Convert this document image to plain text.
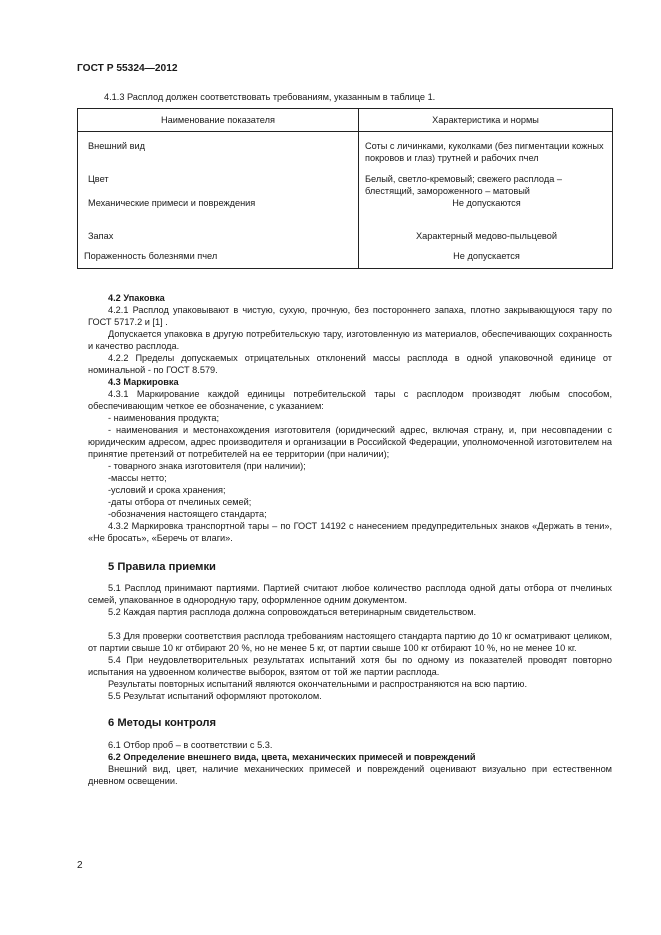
ГОСТ Р 55324—2012
4.1.3 Расплод должен соответствовать требованиям, указанным в таблице 1.
Наименование показателя	Характеристика и нормы
Внешний вид	Соты с личинками, куколками (без пигментации кожных покровов и глаз) трутней и рабочих пчел
Цвет	Белый, светло-кремовый; свежего расплода – блестящий, замороженного – матовый
Механические примеси и повреждения	Не допускаются
Запах	Характерный медово-пыльцевой
Пораженность болезнями пчел	Не допускается

4.2 Упаковка

4.2.1 Расплод упаковывают в чистую, сухую, прочную, без постороннего запаха, плотно закрывающуюся тару по ГОСТ 5717.2 и [1] .

Допускается упаковка в другую потребительскую тару, изготовленную из материалов, обеспечивающих сохранность и качество расплода.

4.2.2 Пределы допускаемых отрицательных отклонений массы расплода в одной упаковочной единице от номинальной - по ГОСТ 8.579.

4.3 Маркировка

4.3.1 Маркирование каждой единицы потребительской тары с расплодом производят любым способом, обеспечивающим четкое ее обозначение, с указанием:

- наименования продукта;

- наименования и местонахождения изготовителя (юридический адрес, включая страну, и, при несовпадении с юридическим адресом, адрес производителя и организации в Российской Федерации, уполномоченной изготовителем на принятие претензий от потребителей на ее территории (при наличии);

- товарного знака изготовителя (при наличии);

-массы нетто;

-условий и срока хранения;

-даты отбора от пчелиных семей;

-обозначения настоящего стандарта;

4.3.2 Маркировка транспортной тары – по ГОСТ 14192 с нанесением предупредительных знаков «Держать в тени», «Не бросать», «Беречь от влаги».

5 Правила приемки

5.1 Расплод принимают партиями. Партией считают любое количество расплода одной даты отбора от пчелиных семей, упакованное в однородную тару, оформленное одним документом.

5.2 Каждая партия расплода должна сопровождаться ветеринарным свидетельством.

5.3 Для проверки соответствия расплода требованиям настоящего стандарта партию до 10 кг осматривают целиком, от партии свыше 10 кг отбирают 20 %, но не менее 5 кг, от партии свыше 100 кг отбирают 10 %, но не менее 10 кг.

5.4 При неудовлетворительных результатах испытаний хотя бы по одному из показателей проводят повторно испытания на удвоенном количестве выборок, взятом от той же партии расплода.

Результаты повторных испытаний являются окончательными и распространяются на всю партию.

5.5 Результат испытаний оформляют протоколом.

6 Методы контроля

6.1 Отбор проб – в соответствии с 5.3.

6.2 Определение внешнего вида, цвета, механических примесей и повреждений

Внешний вид, цвет, наличие механических примесей и повреждений оценивают визуально при естественном дневном освещении.

2
